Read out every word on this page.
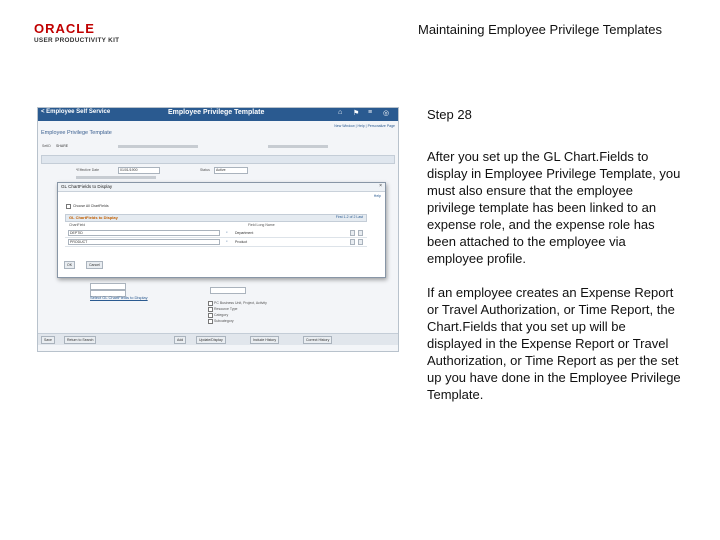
ORACLE
USER PRODUCTIVITY KIT
Maintaining Employee Privilege Templates
< Employee Self Service	Employee Privilege Template	⌂ ⚑ ≡ ◎
New Window | Help | Personalize Page
Employee Privilege Template
SetID SHARE
*Effective Date	01/01/1900	Status Active
GL ChartFields to Display	×
Help
Choose All ChartFields
GL ChartFields to Display	First 1-2 of 2 Last
ChartField	Field Long Name
DEPTID	⌕ Department
PRODUCT	⌕ Product
OK	Cancel
Select GL ChartFields to Display
PC Business Unit, Project, Activity
Resource Type
Category
Subcategory
Save	Return to Search	Add	Update/Display	Include History	Correct History
Step 28

After you set up the GL Chart.Fields to display in Employee Privilege Template, you must also ensure that the employee privilege template has been linked to an expense role, and the expense role has been attached to the employee via employee profile.

If an employee creates an Expense Report or Travel Authorization, or Time Report, the Chart.Fields that you set up will be displayed in the Expense Report or Travel Authorization, or Time Report as per the set up you have done in the Employee Privilege Template.
